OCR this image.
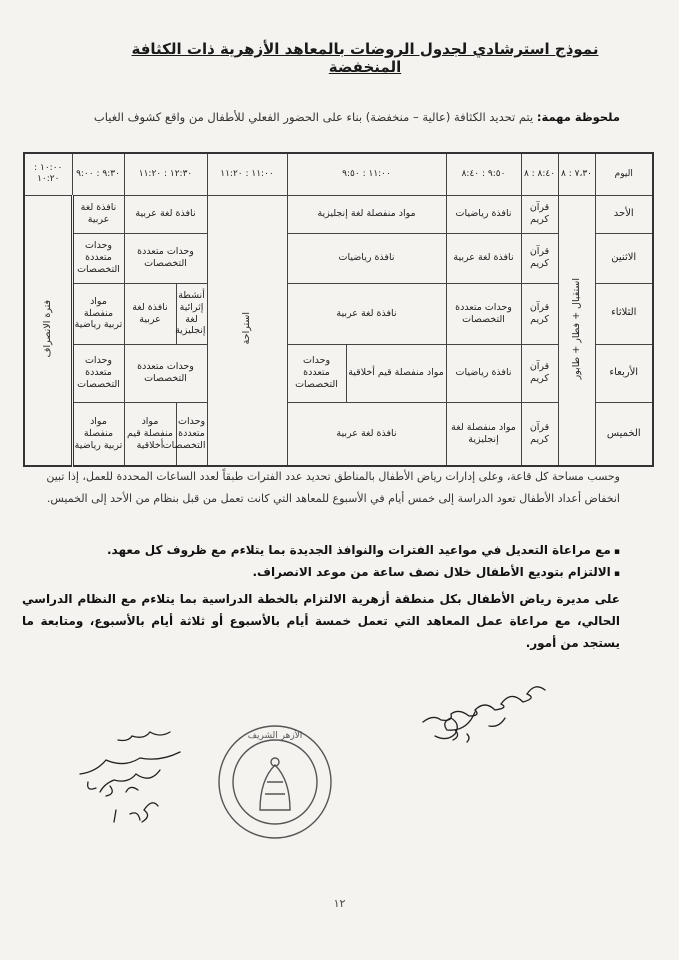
نموذج استرشادي لجدول الروضات بالمعاهد الأزهرية ذات الكثافة المنخفضة
ملحوظة مهمة: يتم تحديد الكثافة (عالية – منخفضة) بناء على الحضور الفعلي للأطفال من واقع كشوف الغياب
اليوم	٧،٣٠ : ٨	٨:٤٠ : ٨	٩:٥٠ : ٨:٤٠	١١:٠٠ : ٩:٥٠		١١:٠٠ : ١١:٢٠	١٢:٣٠ : ١١:٢٠		٩:٣٠ : ٩:٠٠	١٠:٠٠ : ١٠:٢٠
الأحد	استقبال + فطار + طابور	قرآن كريم	نافذة رياضيات	مواد منفصلة لغة إنجليزية		استراحة	نافذة لغة عربية		نافذة لغة عربية	فترة الانصراف
الاثنين		قرآن كريم	نافذة لغة عربية	نافذة رياضيات			وحدات متعددة التخصصات		وحدات متعددة التخصصات	
الثلاثاء		قرآن كريم	وحدات متعددة التخصصات	نافذة لغة عربية			أنشطة إثرائية لغة إنجليزية	نافذة لغة عربية	مواد منفصلة تربية رياضية	
الأربعاء		قرآن كريم	نافذة رياضيات	مواد منفصلة قيم أخلاقية	وحدات متعددة التخصصات		وحدات متعددة التخصصات		وحدات متعددة التخصصات	
الخميس		قرآن كريم	مواد منفصلة لغة إنجليزية	نافذة لغة عربية			وحدات متعددة التخصصات	مواد منفصلة قيم أخلاقية	مواد منفصلة تربية رياضية	

وحسب مساحة كل قاعة، وعلى إدارات رياض الأطفال بالمناطق تحديد عدد الفترات طبقاً لعدد الساعات المحددة للعمل، إذا تبين انخفاض أعداد الأطفال تعود الدراسة إلى خمس أيام في الأسبوع للمعاهد التي كانت تعمل من قبل بنظام من الأحد إلى الخميس.

▪ مع مراعاة التعديل في مواعيد الفترات والنوافذ الجديدة بما يتلاءم مع ظروف كل معهد.
▪ الالتزام بتوديع الأطفال خلال نصف ساعة من موعد الانصراف.
على مديرة رياض الأطفال بكل منطقة أزهرية الالتزام بالخطة الدراسية بما يتلاءم مع النظام الدراسي الحالي، مع مراعاة عمل المعاهد التي تعمل خمسة أيام بالأسبوع أو ثلاثة أيام بالأسبوع، ومتابعة ما يستجد من أمور.
الأزهر الشريف
١٢
